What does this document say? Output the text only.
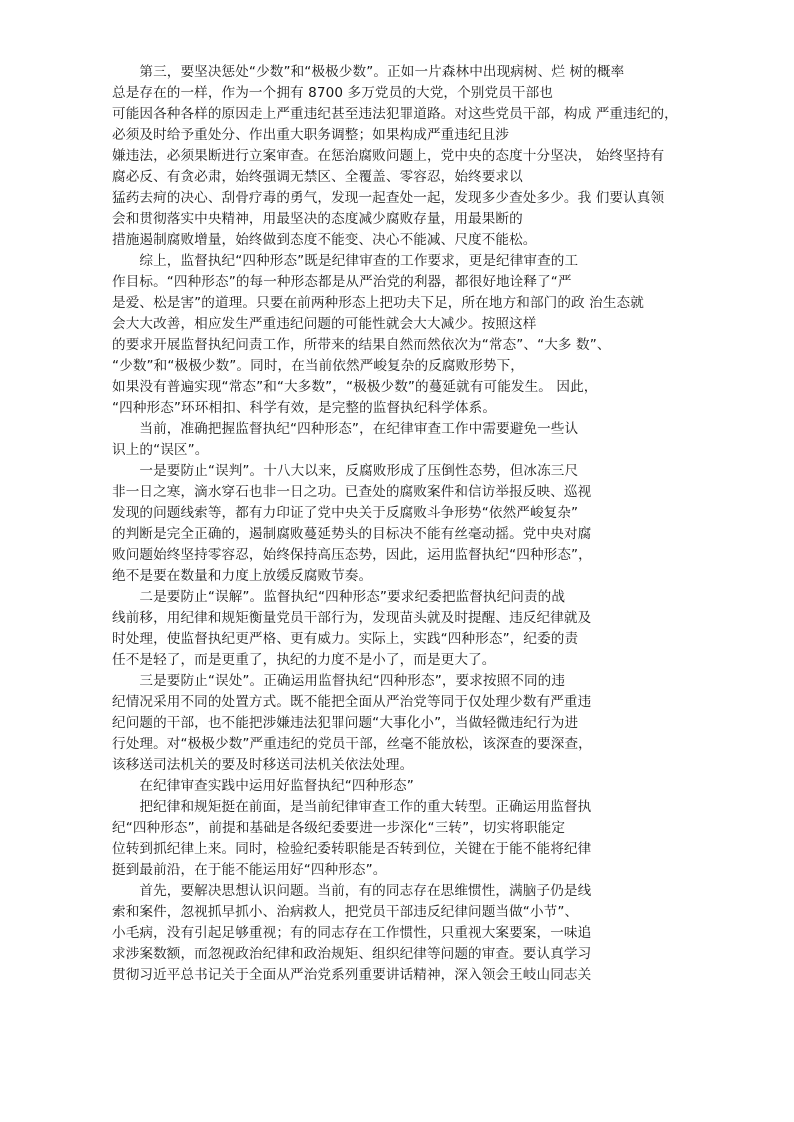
　　第三，要坚决惩处“少数”和“极极少数”。正如一片森林中出现病树、烂 树的概率
总是存在的一样，作为一个拥有 8700 多万党员的大党，个别党员干部也
可能因各种各样的原因走上严重违纪甚至违法犯罪道路。对这些党员干部，构成 严重违纪的，
必须及时给予重处分、作出重大职务调整；如果构成严重违纪且涉
嫌违法，必须果断进行立案审查。在惩治腐败问题上，党中央的态度十分坚决， 始终坚持有
腐必反、有贪必肃，始终强调无禁区、全覆盖、零容忍，始终要求以
猛药去疴的决心、刮骨疗毒的勇气，发现一起查处一起，发现多少查处多少。我 们要认真领
会和贯彻落实中央精神，用最坚决的态度减少腐败存量，用最果断的
措施遏制腐败增量，始终做到态度不能变、决心不能减、尺度不能松。
　　综上，监督执纪“四种形态”既是纪律审查的工作要求，更是纪律审查的工
作目标。“四种形态”的每一种形态都是从严治党的利器，都很好地诠释了“严
是爱、松是害”的道理。只要在前两种形态上把功夫下足，所在地方和部门的政 治生态就
会大大改善，相应发生严重违纪问题的可能性就会大大减少。按照这样
的要求开展监督执纪问责工作，所带来的结果自然而然依次为“常态”、“大多 数”、
“少数”和“极极少数”。同时，在当前依然严峻复杂的反腐败形势下，
如果没有普遍实现“常态”和“大多数”，“极极少数”的蔓延就有可能发生。 因此，
“四种形态”环环相扣、科学有效，是完整的监督执纪科学体系。
　　当前，准确把握监督执纪“四种形态”，在纪律审查工作中需要避免一些认
识上的“误区”。
　　一是要防止“误判”。十八大以来，反腐败形成了压倒性态势，但冰冻三尺
非一日之寒，滴水穿石也非一日之功。已查处的腐败案件和信访举报反映、巡视
发现的问题线索等，都有力印证了党中央关于反腐败斗争形势“依然严峻复杂”
的判断是完全正确的，遏制腐败蔓延势头的目标决不能有丝毫动摇。党中央对腐
败问题始终坚持零容忍，始终保持高压态势，因此，运用监督执纪“四种形态”，
绝不是要在数量和力度上放缓反腐败节奏。
　　二是要防止“误解”。监督执纪“四种形态”要求纪委把监督执纪问责的战
线前移，用纪律和规矩衡量党员干部行为，发现苗头就及时提醒、违反纪律就及
时处理，使监督执纪更严格、更有威力。实际上，实践“四种形态”，纪委的责
任不是轻了，而是更重了，执纪的力度不是小了，而是更大了。
　　三是要防止“误处”。正确运用监督执纪“四种形态”，要求按照不同的违
纪情况采用不同的处置方式。既不能把全面从严治党等同于仅处理少数有严重违
纪问题的干部，也不能把涉嫌违法犯罪问题“大事化小”，当做轻微违纪行为进
行处理。对“极极少数”严重违纪的党员干部，丝毫不能放松，该深查的要深查，
该移送司法机关的要及时移送司法机关依法处理。
　　在纪律审查实践中运用好监督执纪“四种形态”
　　把纪律和规矩挺在前面，是当前纪律审查工作的重大转型。正确运用监督执
纪“四种形态”，前提和基础是各级纪委要进一步深化“三转”，切实将职能定
位转到抓纪律上来。同时，检验纪委转职能是否转到位，关键在于能不能将纪律
挺到最前沿，在于能不能运用好“四种形态”。
　　首先，要解决思想认识问题。当前，有的同志存在思维惯性，满脑子仍是线
索和案件，忽视抓早抓小、治病救人，把党员干部违反纪律问题当做“小节”、
小毛病，没有引起足够重视；有的同志存在工作惯性，只重视大案要案，一味追
求涉案数额，而忽视政治纪律和政治规矩、组织纪律等问题的审查。要认真学习
贯彻习近平总书记关于全面从严治党系列重要讲话精神，深入领会王岐山同志关
